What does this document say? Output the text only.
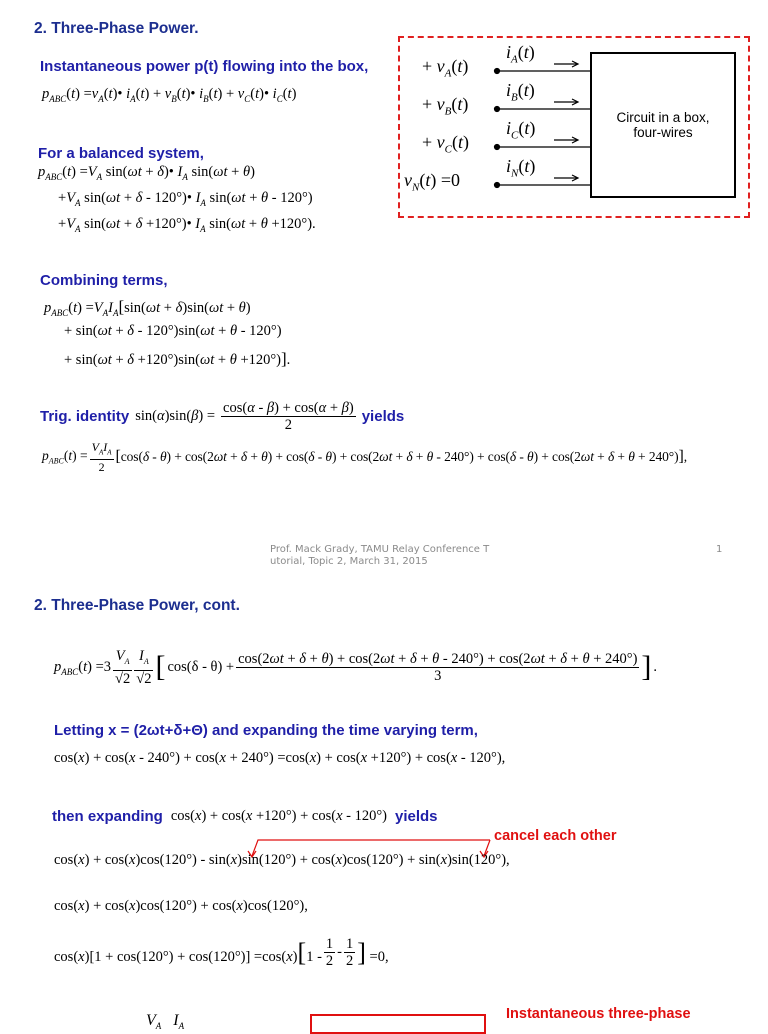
2. Three-Phase Power.
Instantaneous power p(t) flowing into the box,
$p_{ABC}(t)$ $=v_A(t)•$ $i_A(t)$ + $v_B(t)•$ $i_B(t)$ + $v_C(t)•$ $i_C(t)$
For a balanced system,
$p_{ABC}(t) =V_A$ sin(ωt + δ)• $I_A$ sin(ωt + θ)
$+V_A$ sin(ωt + δ - 120°)• $I_A$ sin(ωt + θ - 120°)
$+V_A$ sin(ωt + δ +120°)• $I_A$ sin(ωt + θ +120°).
Combining terms,
$p_{ABC}(t) =V_AI_A[\sin(\omega t + \delta)\sin(\omega t + \theta)$
+ sin(ωt + δ - 120°)sin(ωt + θ - 120°)
+ sin(ωt + δ +120°)sin(ωt + θ +120°)].
Trig. identity $\sin(\alpha)\sin(\beta) = \frac{\cos(\alpha - \beta) + \cos(\alpha + \beta)}{2}$ yields
$p_{ABC}(t) = \frac{V_AI_A}{2} [\cos(\delta - \theta) + \cos(2\omega t + \delta + \theta) + \cos(\delta - \theta) + \cos(2\omega t + \delta + \theta - 240^\circ) + \cos(\delta - \theta) + \cos(2\omega t + \delta + \theta + 240^\circ)]$,
+ $v_A(t)$
+ $v_B(t)$
+ $v_C(t)$
$v_N(t) =0$
$i_A(t)$
$i_B(t)$
$i_C(t)$
$i_N(t)$
Circuit in a box,
four-wires
Prof. Mack Grady, TAMU Relay Conference T
utorial, Topic 2, March 31, 2015
1
2. Three-Phase Power, cont.
$p_{ABC}(t) =3 \frac{V_A}{√2} \frac{I_A}{√2}$ [ cos(δ - θ) + cos(2ωt + δ + θ) + cos(2ωt + δ + θ - 240°) + cos(2ωt + δ + θ + 240°)
3	] .
Letting x = (2ωt+δ+Θ) and expanding the time varying term,
cos(x) + cos(x - 240°) + cos(x + 240°) =cos(x) + cos(x +120°) + cos(x - 120°),
then expanding cos(x) + cos(x +120°) + cos(x - 120°) yields
cancel each other
cos(x) + cos(x)cos(120°) - sin(x)sin(120°) + cos(x)cos(120°) + sin(x)sin(120°),
cos(x) + cos(x)cos(120°) + cos(x)cos(120°),
$\cos(x)[1 + \cos(120^\circ) + \cos(120^\circ)] =\cos(x)[1 - \frac{1}{2} - \frac{1}{2}$ ] =0,
$V_A$ $I_A$
Instantaneous three-phase
